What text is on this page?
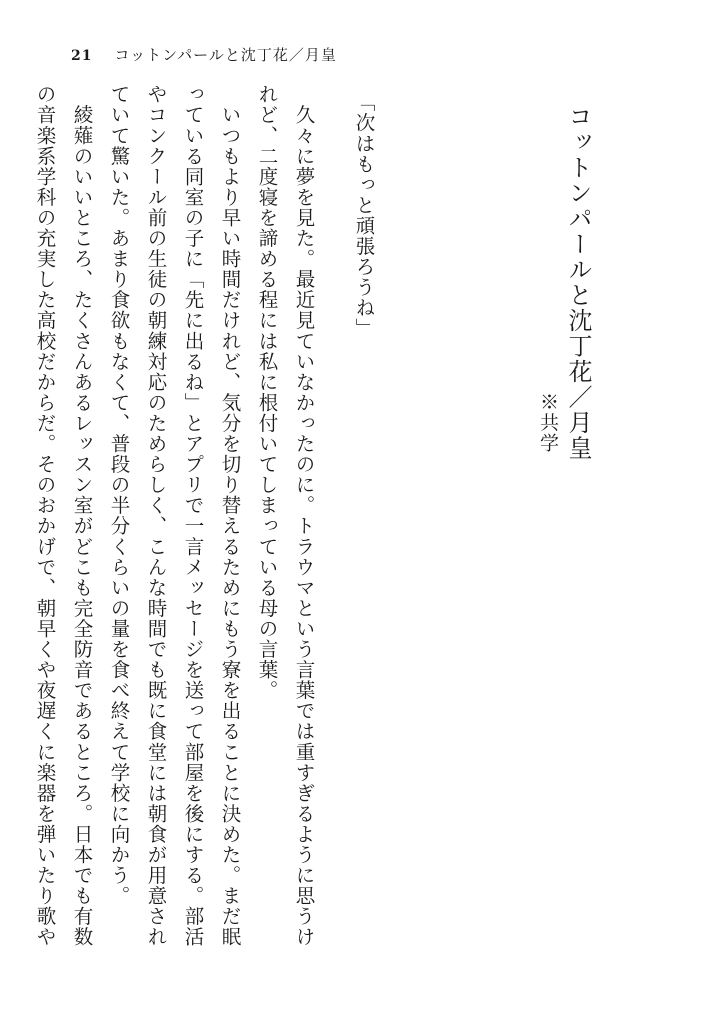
21 コットンパールと沈丁花／月皇
コットンパールと沈丁花／月皇
※共学
「次はもっと頑張ろうね」
　久々に夢を見た。最近見ていなかったのに。トラウマという言葉では重すぎるように思うけ
れど、二度寝を諦める程には私に根付いてしまっている母の言葉。
　いつもより早い時間だけれど、気分を切り替えるためにもう寮を出ることに決めた。まだ眠
っている同室の子に「先に出るね」とアプリで一言メッセージを送って部屋を後にする。部活
やコンクール前の生徒の朝練対応のためらしく、こんな時間でも既に食堂には朝食が用意され
ていて驚いた。あまり食欲もなくて、普段の半分くらいの量を食べ終えて学校に向かう。
　綾薙のいいところ、たくさんあるレッスン室がどこも完全防音であるところ。日本でも有数
の音楽系学科の充実した高校だからだ。そのおかげで、朝早くや夜遅くに楽器を弾いたり歌や
